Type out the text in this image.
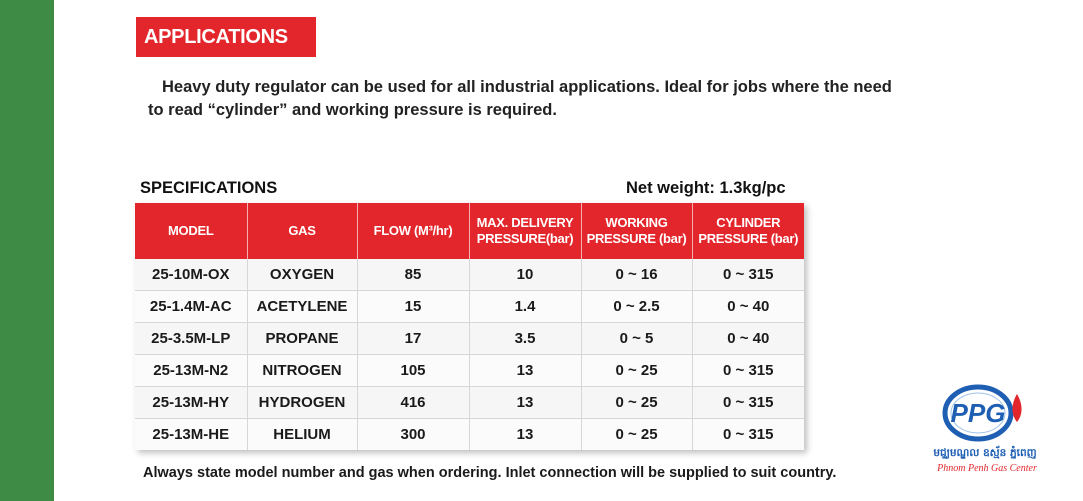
APPLICATIONS
Heavy duty regulator can be used for all industrial applications. Ideal for jobs where the need to read “cylinder” and working pressure is required.
SPECIFICATIONS	Net weight: 1.3kg/pc
MODEL	GAS	FLOW (M³/hr)	MAX. DELIVERY PRESSURE(bar)	WORKING PRESSURE (bar)	CYLINDER PRESSURE (bar)
25-10M-OX	OXYGEN	85	10	0 ~ 16	0 ~ 315
25-1.4M-AC	ACETYLENE	15	1.4	0 ~ 2.5	0 ~ 40
25-3.5M-LP	PROPANE	17	3.5	0 ~ 5	0 ~ 40
25-13M-N2	NITROGEN	105	13	0 ~ 25	0 ~ 315
25-13M-HY	HYDROGEN	416	13	0 ~ 25	0 ~ 315
25-13M-HE	HELIUM	300	13	0 ~ 25	0 ~ 315
Always state model number and gas when ordering. Inlet connection will be supplied to suit country.
PPG
មជ្ឈមណ្ឌល ឧស្ម័ន ភ្នំពេញ
Phnom Penh Gas Center
